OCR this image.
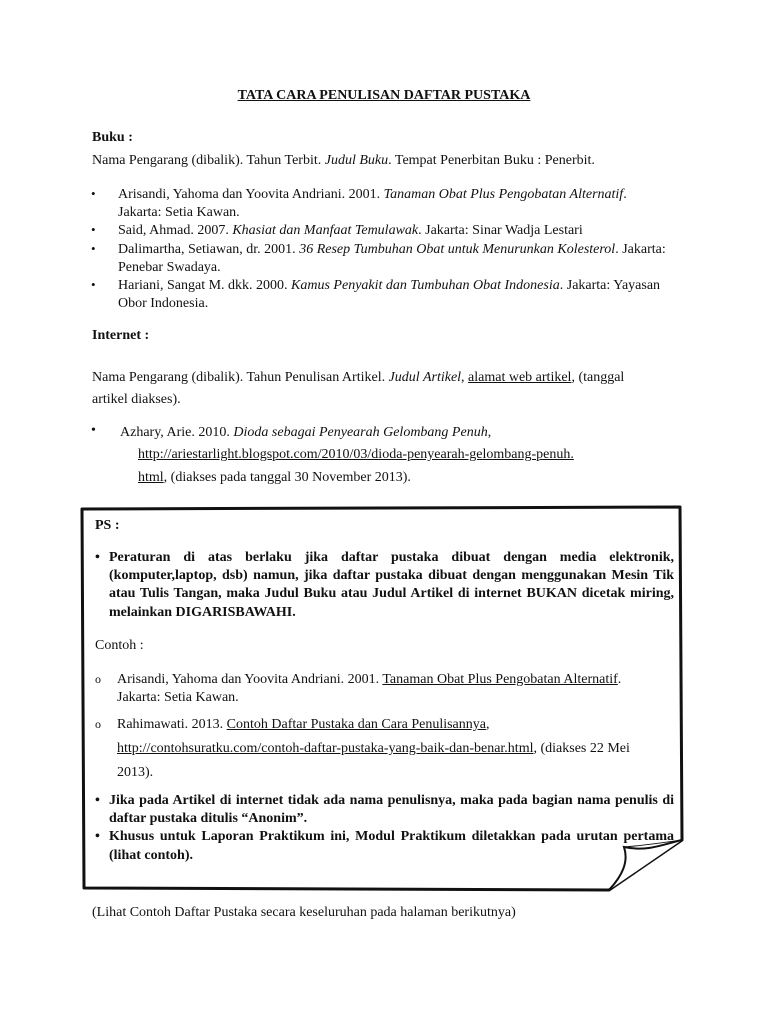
TATA CARA PENULISAN DAFTAR PUSTAKA
Buku :
Nama Pengarang (dibalik). Tahun Terbit. Judul Buku. Tempat Penerbitan Buku : Penerbit.
• Arisandi, Yahoma dan Yoovita Andriani. 2001. Tanaman Obat Plus Pengobatan Alternatif. Jakarta: Setia Kawan.
• Said, Ahmad. 2007. Khasiat dan Manfaat Temulawak. Jakarta: Sinar Wadja Lestari
• Dalimartha, Setiawan, dr. 2001. 36 Resep Tumbuhan Obat untuk Menurunkan Kolesterol. Jakarta: Penebar Swadaya.
• Hariani, Sangat M. dkk. 2000. Kamus Penyakit dan Tumbuhan Obat Indonesia. Jakarta: Yayasan Obor Indonesia.
Internet :
Nama Pengarang (dibalik). Tahun Penulisan Artikel. Judul Artikel, alamat web artikel, (tanggal artikel diakses).
•	Azhary, Arie. 2010. Dioda sebagai Penyearah Gelombang Penuh,
http://ariestarlight.blogspot.com/2010/03/dioda-penyearah-gelombang-penuh.html, (diakses pada tanggal 30 November 2013).
PS :
• Peraturan di atas berlaku jika daftar pustaka dibuat dengan media elektronik, (komputer,laptop, dsb) namun, jika daftar pustaka dibuat dengan menggunakan Mesin Tik atau Tulis Tangan, maka Judul Buku atau Judul Artikel di internet BUKAN dicetak miring, melainkan DIGARISBAWAHI.
Contoh :
o Arisandi, Yahoma dan Yoovita Andriani. 2001. Tanaman Obat Plus Pengobatan Alternatif. Jakarta: Setia Kawan.
o Rahimawati. 2013. Contoh Daftar Pustaka dan Cara Penulisannya, http://contohsuratku.com/contoh-daftar-pustaka-yang-baik-dan-benar.html, (diakses 22 Mei 2013).
• Jika pada Artikel di internet tidak ada nama penulisnya, maka pada bagian nama penulis di daftar pustaka ditulis “Anonim”.
• Khusus untuk Laporan Praktikum ini, Modul Praktikum diletakkan pada urutan pertama (lihat contoh).
(Lihat Contoh Daftar Pustaka secara keseluruhan pada halaman berikutnya)
